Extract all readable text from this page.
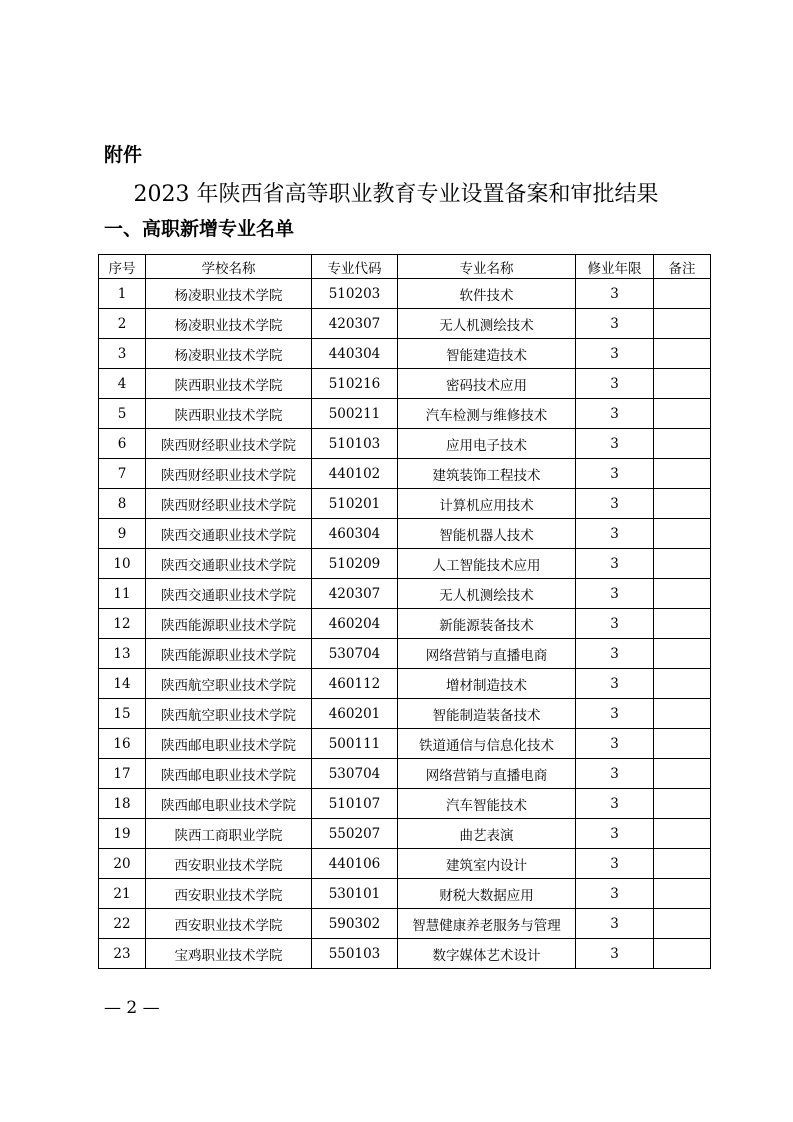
附件
2023 年陕西省高等职业教育专业设置备案和审批结果
一、高职新增专业名单
序号	学校名称	专业代码	专业名称	修业年限	备注
1	杨凌职业技术学院	510203	软件技术	3	
2	杨凌职业技术学院	420307	无人机测绘技术	3	
3	杨凌职业技术学院	440304	智能建造技术	3	
4	陕西职业技术学院	510216	密码技术应用	3	
5	陕西职业技术学院	500211	汽车检测与维修技术	3	
6	陕西财经职业技术学院	510103	应用电子技术	3	
7	陕西财经职业技术学院	440102	建筑装饰工程技术	3	
8	陕西财经职业技术学院	510201	计算机应用技术	3	
9	陕西交通职业技术学院	460304	智能机器人技术	3	
10	陕西交通职业技术学院	510209	人工智能技术应用	3	
11	陕西交通职业技术学院	420307	无人机测绘技术	3	
12	陕西能源职业技术学院	460204	新能源装备技术	3	
13	陕西能源职业技术学院	530704	网络营销与直播电商	3	
14	陕西航空职业技术学院	460112	增材制造技术	3	
15	陕西航空职业技术学院	460201	智能制造装备技术	3	
16	陕西邮电职业技术学院	500111	铁道通信与信息化技术	3	
17	陕西邮电职业技术学院	530704	网络营销与直播电商	3	
18	陕西邮电职业技术学院	510107	汽车智能技术	3	
19	陕西工商职业学院	550207	曲艺表演	3	
20	西安职业技术学院	440106	建筑室内设计	3	
21	西安职业技术学院	530101	财税大数据应用	3	
22	西安职业技术学院	590302	智慧健康养老服务与管理	3	
23	宝鸡职业技术学院	550103	数字媒体艺术设计	3	
— 2 —
